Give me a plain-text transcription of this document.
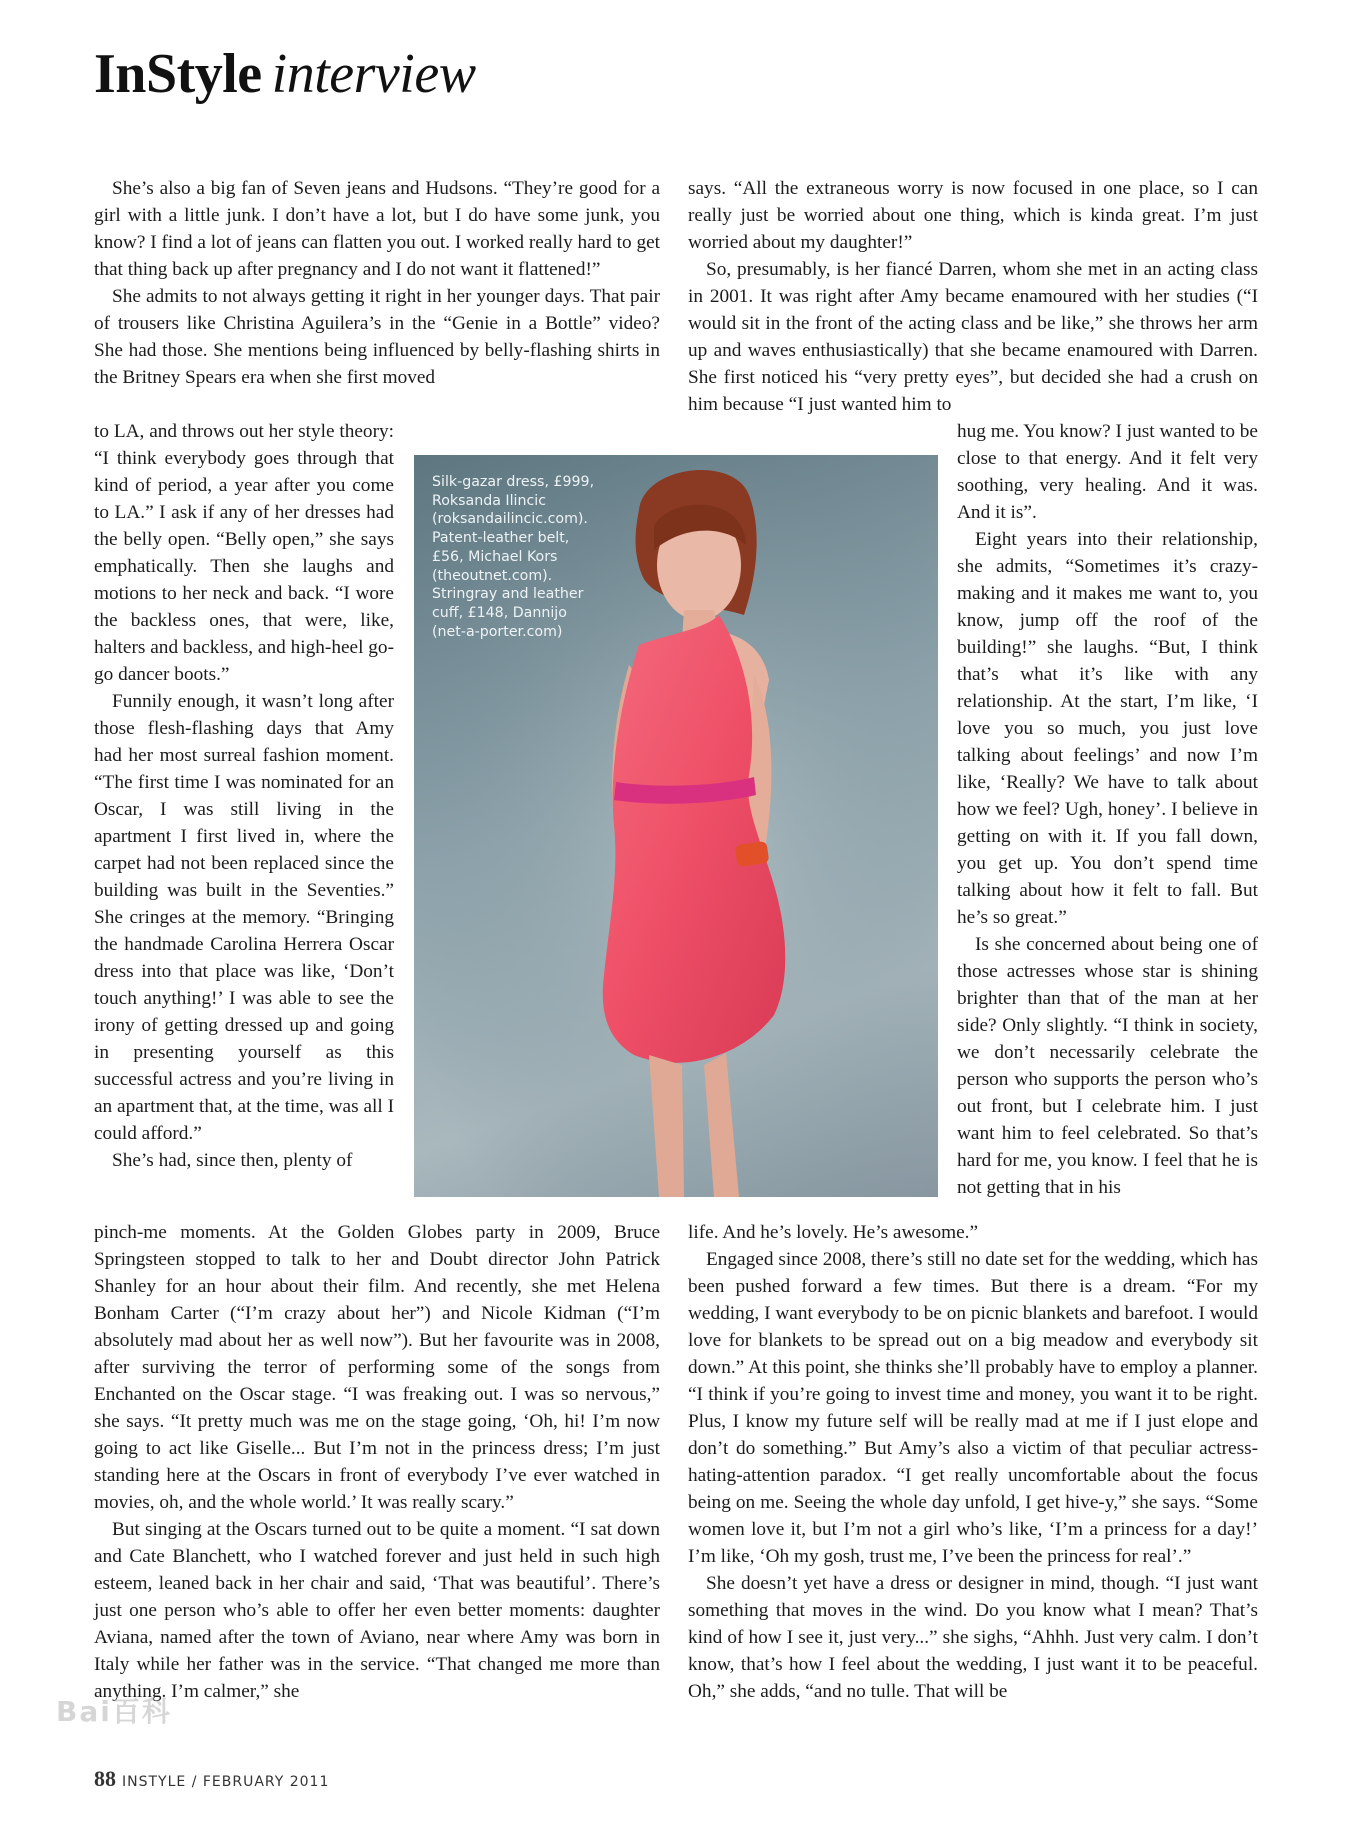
InStyle interview

She’s also a big fan of Seven jeans and Hudsons. “They’re good for a girl with a little junk. I don’t have a lot, but I do have some junk, you know? I find a lot of jeans can flatten you out. I worked really hard to get that thing back up after pregnancy and I do not want it flattened!”

She admits to not always getting it right in her younger days. That pair of trousers like Christina Aguilera’s in the “Genie in a Bottle” video? She had those. She mentions being influenced by belly-flashing shirts in the Britney Spears era when she first moved

to LA, and throws out her style theory: “I think everybody goes through that kind of period, a year after you come to LA.” I ask if any of her dresses had the belly open. “Belly open,” she says emphatically. Then she laughs and motions to her neck and back. “I wore the backless ones, that were, like, halters and backless, and high-heel go-go dancer boots.”

Funnily enough, it wasn’t long after those flesh-flashing days that Amy had her most surreal fashion moment. “The first time I was nominated for an Oscar, I was still living in the apartment I first lived in, where the carpet had not been replaced since the building was built in the Seventies.” She cringes at the memory. “Bringing the handmade Carolina Herrera Oscar dress into that place was like, ‘Don’t touch anything!’ I was able to see the irony of getting dressed up and going in presenting yourself as this successful actress and you’re living in an apartment that, at the time, was all I could afford.”

She’s had, since then, plenty of

pinch-me moments. At the Golden Globes party in 2009, Bruce Springsteen stopped to talk to her and Doubt director John Patrick Shanley for an hour about their film. And recently, she met Helena Bonham Carter (“I’m crazy about her”) and Nicole Kidman (“I’m absolutely mad about her as well now”). But her favourite was in 2008, after surviving the terror of performing some of the songs from Enchanted on the Oscar stage. “I was freaking out. I was so nervous,” she says. “It pretty much was me on the stage going, ‘Oh, hi! I’m now going to act like Giselle... But I’m not in the princess dress; I’m just standing here at the Oscars in front of everybody I’ve ever watched in movies, oh, and the whole world.’ It was really scary.”

But singing at the Oscars turned out to be quite a moment. “I sat down and Cate Blanchett, who I watched forever and just held in such high esteem, leaned back in her chair and said, ‘That was beautiful’. There’s just one person who’s able to offer her even better moments: daughter Aviana, named after the town of Aviano, near where Amy was born in Italy while her father was in the service. “That changed me more than anything. I’m calmer,” she

says. “All the extraneous worry is now focused in one place, so I can really just be worried about one thing, which is kinda great. I’m just worried about my daughter!”

So, presumably, is her fiancé Darren, whom she met in an acting class in 2001. It was right after Amy became enamoured with her studies (“I would sit in the front of the acting class and be like,” she throws her arm up and waves enthusiastically) that she became enamoured with Darren. She first noticed his “very pretty eyes”, but decided she had a crush on him because “I just wanted him to

hug me. You know? I just wanted to be close to that energy. And it felt very soothing, very healing. And it was. And it is”.

Eight years into their relationship, she admits, “Sometimes it’s crazy-making and it makes me want to, you know, jump off the roof of the building!” she laughs. “But, I think that’s what it’s like with any relationship. At the start, I’m like, ‘I love you so much, you just love talking about feelings’ and now I’m like, ‘Really? We have to talk about how we feel? Ugh, honey’. I believe in getting on with it. If you fall down, you get up. You don’t spend time talking about how it felt to fall. But he’s so great.”

Is she concerned about being one of those actresses whose star is shining brighter than that of the man at her side? Only slightly. “I think in society, we don’t necessarily celebrate the person who supports the person who’s out front, but I celebrate him. I just want him to feel celebrated. So that’s hard for me, you know. I feel that he is not getting that in his

life. And he’s lovely. He’s awesome.”

Engaged since 2008, there’s still no date set for the wedding, which has been pushed forward a few times. But there is a dream. “For my wedding, I want everybody to be on picnic blankets and barefoot. I would love for blankets to be spread out on a big meadow and everybody sit down.” At this point, she thinks she’ll probably have to employ a planner. “I think if you’re going to invest time and money, you want it to be right. Plus, I know my future self will be really mad at me if I just elope and don’t do something.” But Amy’s also a victim of that peculiar actress-hating-attention paradox. “I get really uncomfortable about the focus being on me. Seeing the whole day unfold, I get hive-y,” she says. “Some women love it, but I’m not a girl who’s like, ‘I’m a princess for a day!’ I’m like, ‘Oh my gosh, trust me, I’ve been the princess for real’.”

She doesn’t yet have a dress or designer in mind, though. “I just want something that moves in the wind. Do you know what I mean? That’s kind of how I see it, just very...” she sighs, “Ahhh. Just very calm. I don’t know, that’s how I feel about the wedding, I just want it to be peaceful. Oh,” she adds, “and no tulle. That will be

Silk-gazar dress, £999, Roksanda Ilincic (roksandailincic.com). Patent-leather belt, £56, Michael Kors (theoutnet.com). Stringray and leather cuff, £148, Dannijo (net-a-porter.com)
Bai百科
88 INSTYLE / FEBRUARY 2011
